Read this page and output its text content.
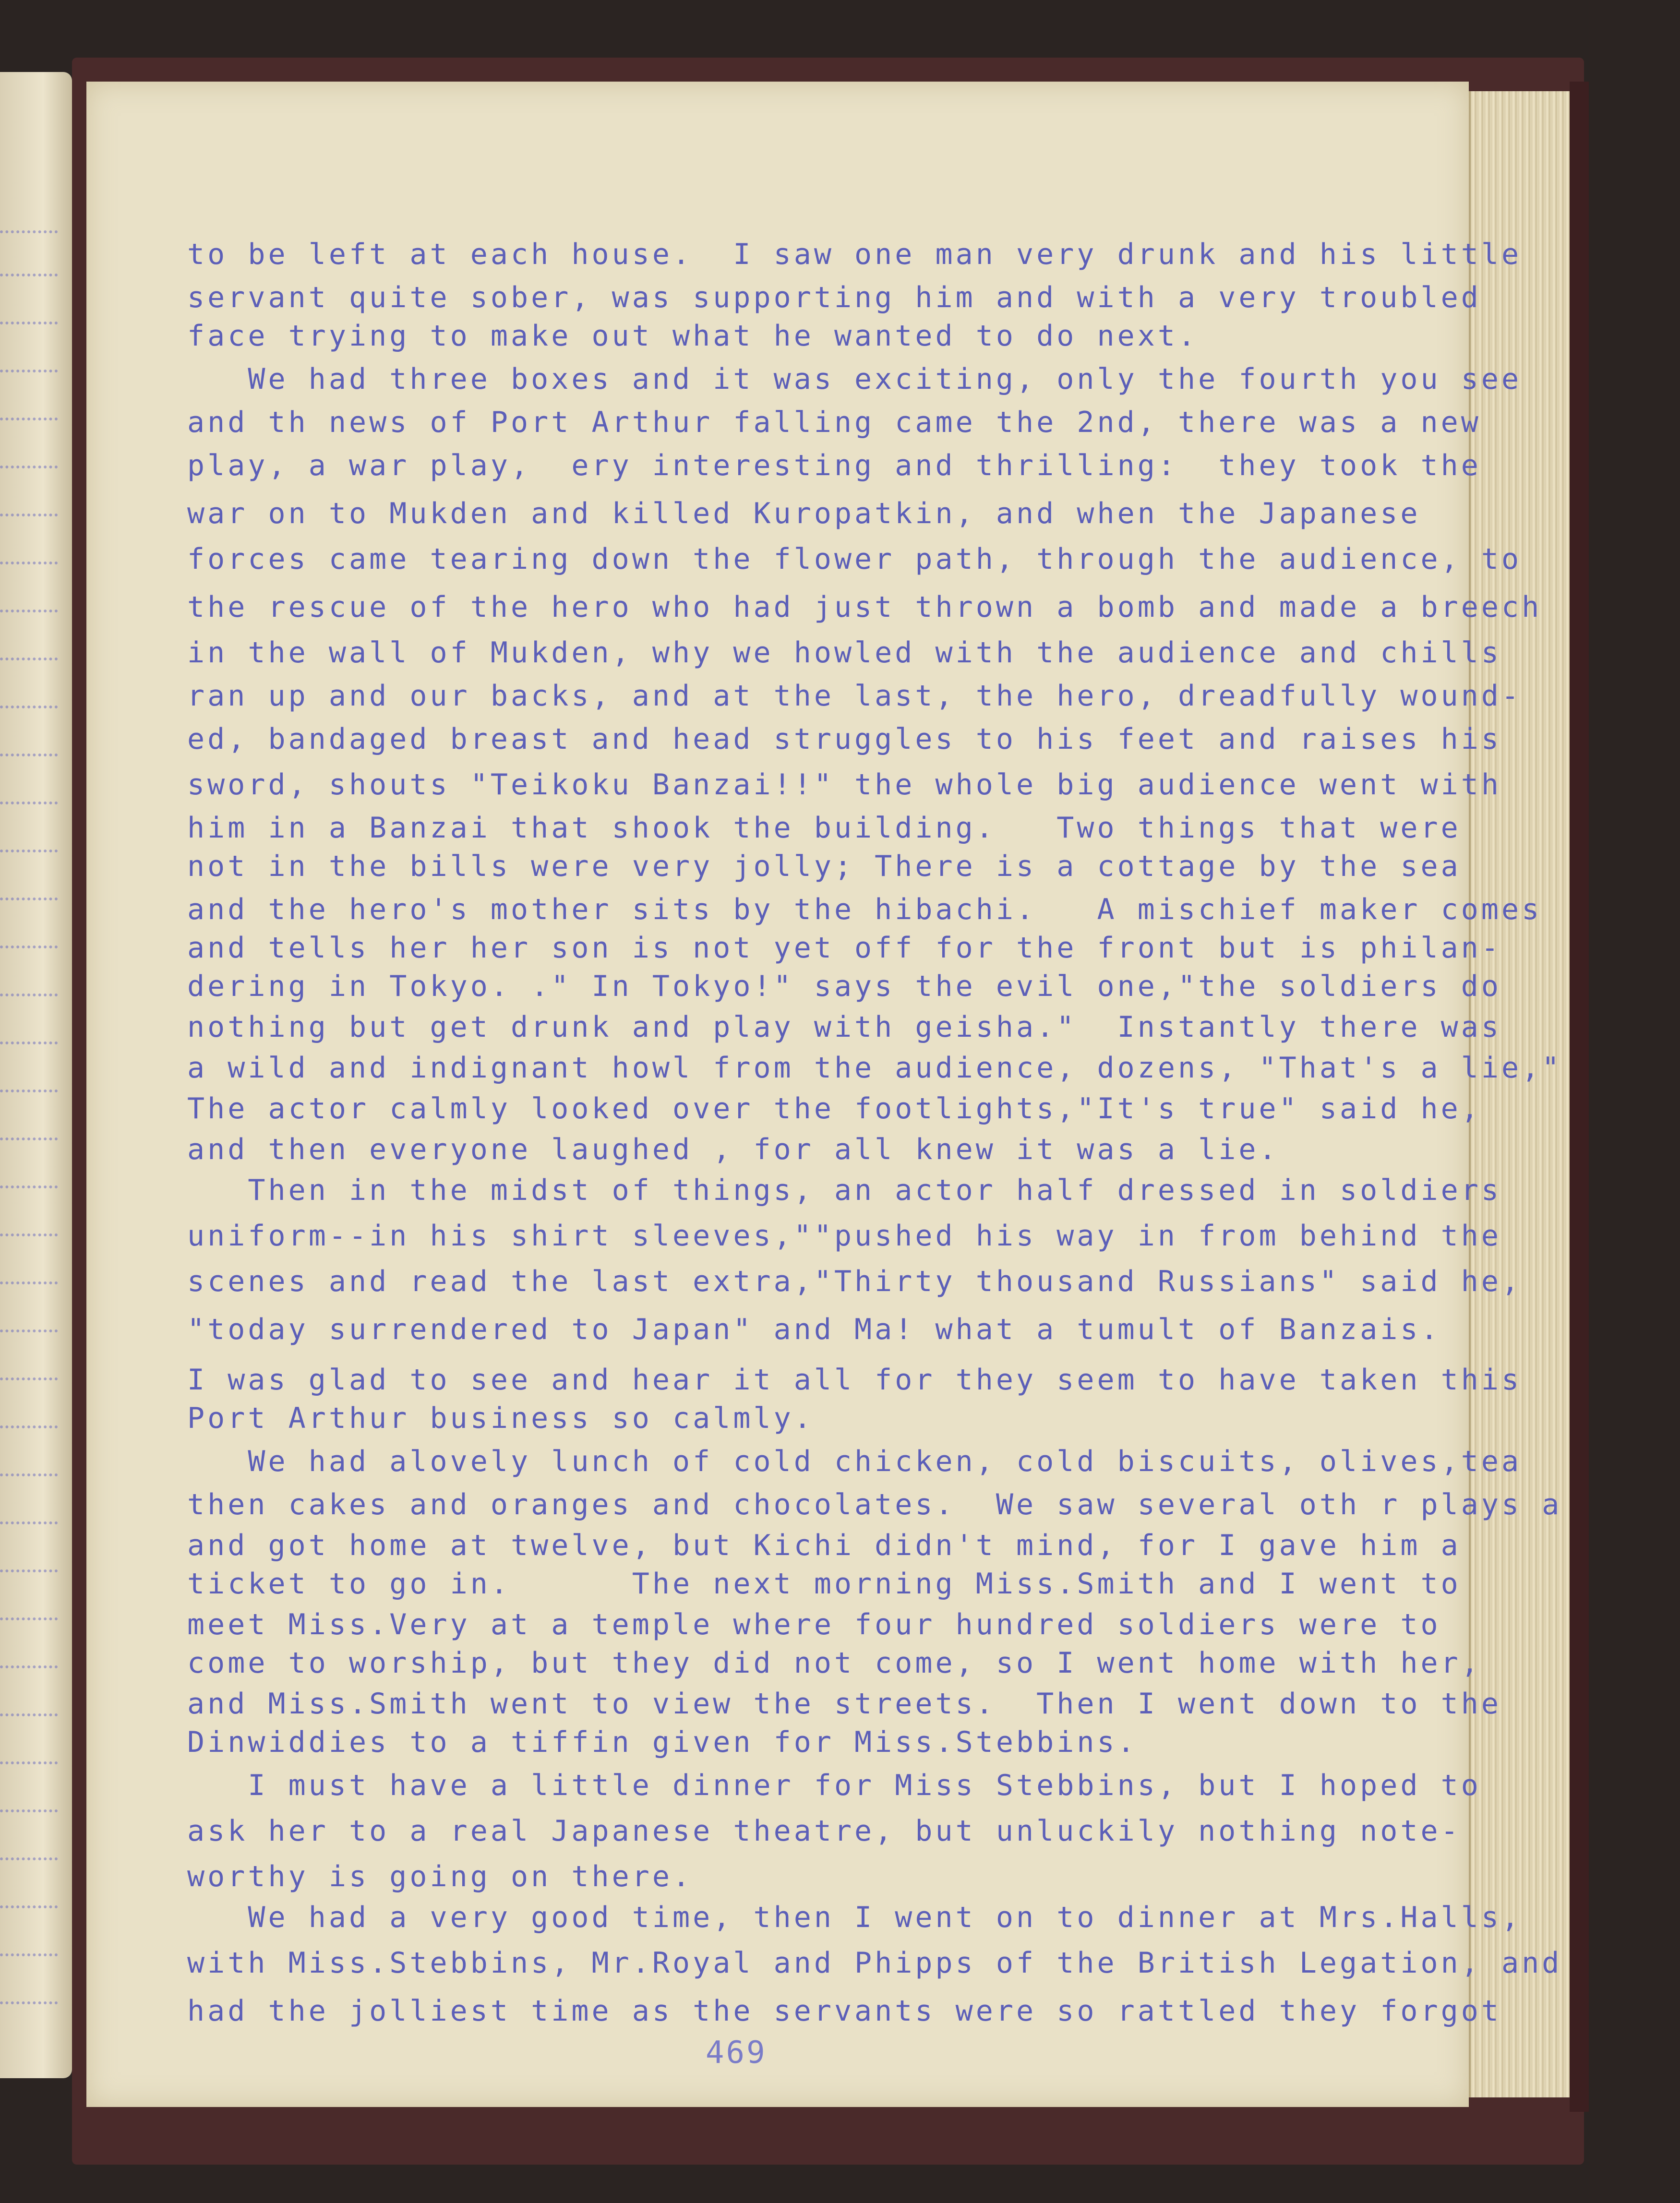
to be left at each house.  I saw one man very drunk and his little
servant quite sober, was supporting him and with a very troubled
face trying to make out what he wanted to do next.
We had three boxes and it was exciting, only the fourth you see
and th news of Port Arthur falling came the 2nd, there was a new
play, a war play,  ery interesting and thrilling:  they took the
war on to Mukden and killed Kuropatkin, and when the Japanese
forces came tearing down the flower path, through the audience, to
the rescue of the hero who had just thrown a bomb and made a breech
in the wall of Mukden, why we howled with the audience and chills
ran up and our backs, and at the last, the hero, dreadfully wound-
ed, bandaged breast and head struggles to his feet and raises his
sword, shouts "Teikoku Banzai!!" the whole big audience went with
him in a Banzai that shook the building.   Two things that were
not in the bills were very jolly; There is a cottage by the sea
and the hero's mother sits by the hibachi.   A mischief maker comes
and tells her her son is not yet off for the front but is philan-
dering in Tokyo. ." In Tokyo!" says the evil one,"the soldiers do
nothing but get drunk and play with geisha."  Instantly there was
a wild and indignant howl from the audience, dozens, "That's a lie,"
The actor calmly looked over the footlights,"It's true" said he,
and then everyone laughed , for all knew it was a lie.
Then in the midst of things, an actor half dressed in soldiers
uniform--in his shirt sleeves,""pushed his way in from behind the
scenes and read the last extra,"Thirty thousand Russians" said he,
"today surrendered to Japan" and Ma! what a tumult of Banzais.
I was glad to see and hear it all for they seem to have taken this
Port Arthur business so calmly.
We had alovely lunch of cold chicken, cold biscuits, olives,tea
then cakes and oranges and chocolates.  We saw several oth r plays a
and got home at twelve, but Kichi didn't mind, for I gave him a
ticket to go in.      The next morning Miss.Smith and I went to
meet Miss.Very at a temple where four hundred soldiers were to
come to worship, but they did not come, so I went home with her,
and Miss.Smith went to view the streets.  Then I went down to the
Dinwiddies to a tiffin given for Miss.Stebbins.
I must have a little dinner for Miss Stebbins, but I hoped to
ask her to a real Japanese theatre, but unluckily nothing note-
worthy is going on there.
We had a very good time, then I went on to dinner at Mrs.Halls,
with Miss.Stebbins, Mr.Royal and Phipps of the British Legation, and
had the jolliest time as the servants were so rattled they forgot
469
